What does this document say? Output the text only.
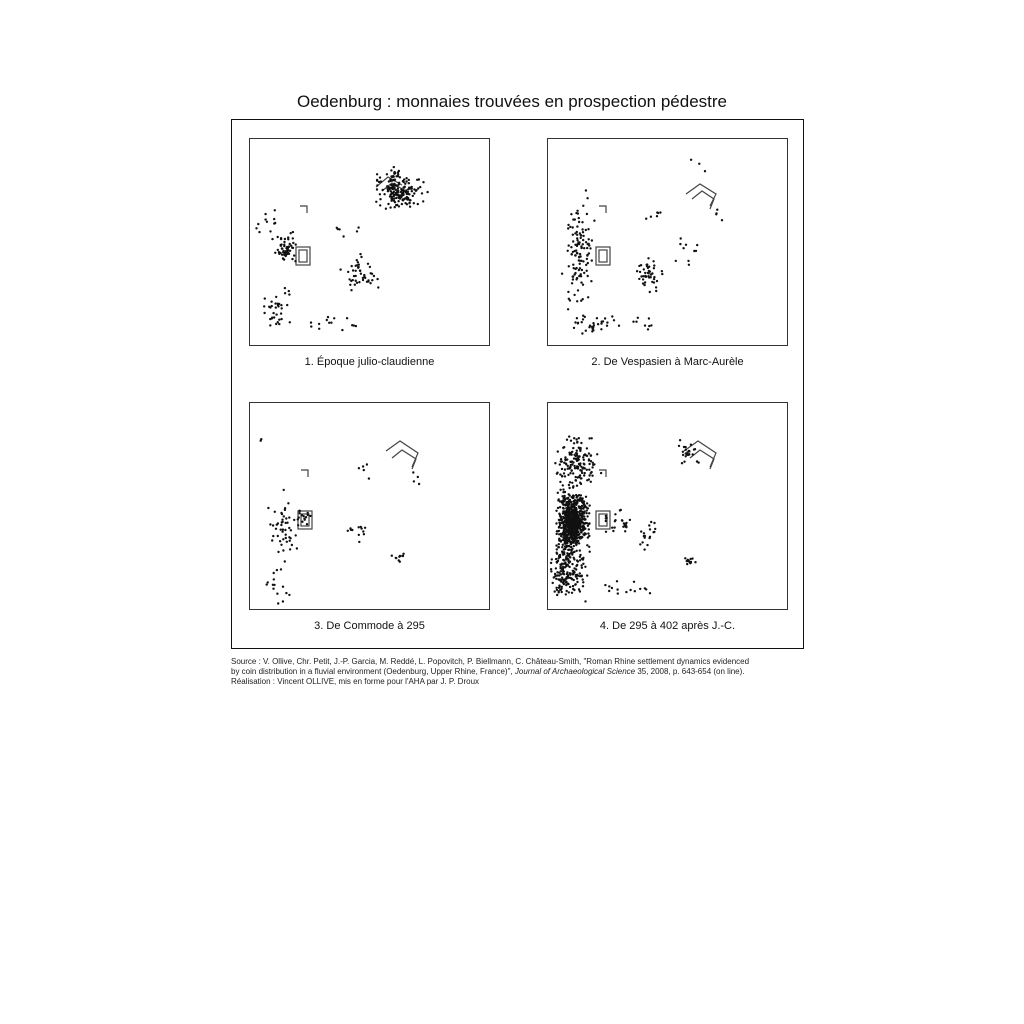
Oedenburg : monnaies trouvées en prospection pédestre
1. Époque julio-claudienne	2. De Vespasien à Marc-Aurèle
3. De Commode à 295	4. De 295 à 402 après J.-C.
Source : V. Ollive, Chr. Petit, J.-P. Garcia, M. Reddé, L. Popovitch, P. Biellmann, C. Château-Smith, "Roman Rhine settlement dynamics evidenced
by coin distribution in a fluvial environment (Oedenburg, Upper Rhine, France)", Journal of Archaeological Science 35, 2008, p. 643-654 (on line).
Réalisation : Vincent OLLIVE, mis en forme pour l'AHA par J. P. Droux
